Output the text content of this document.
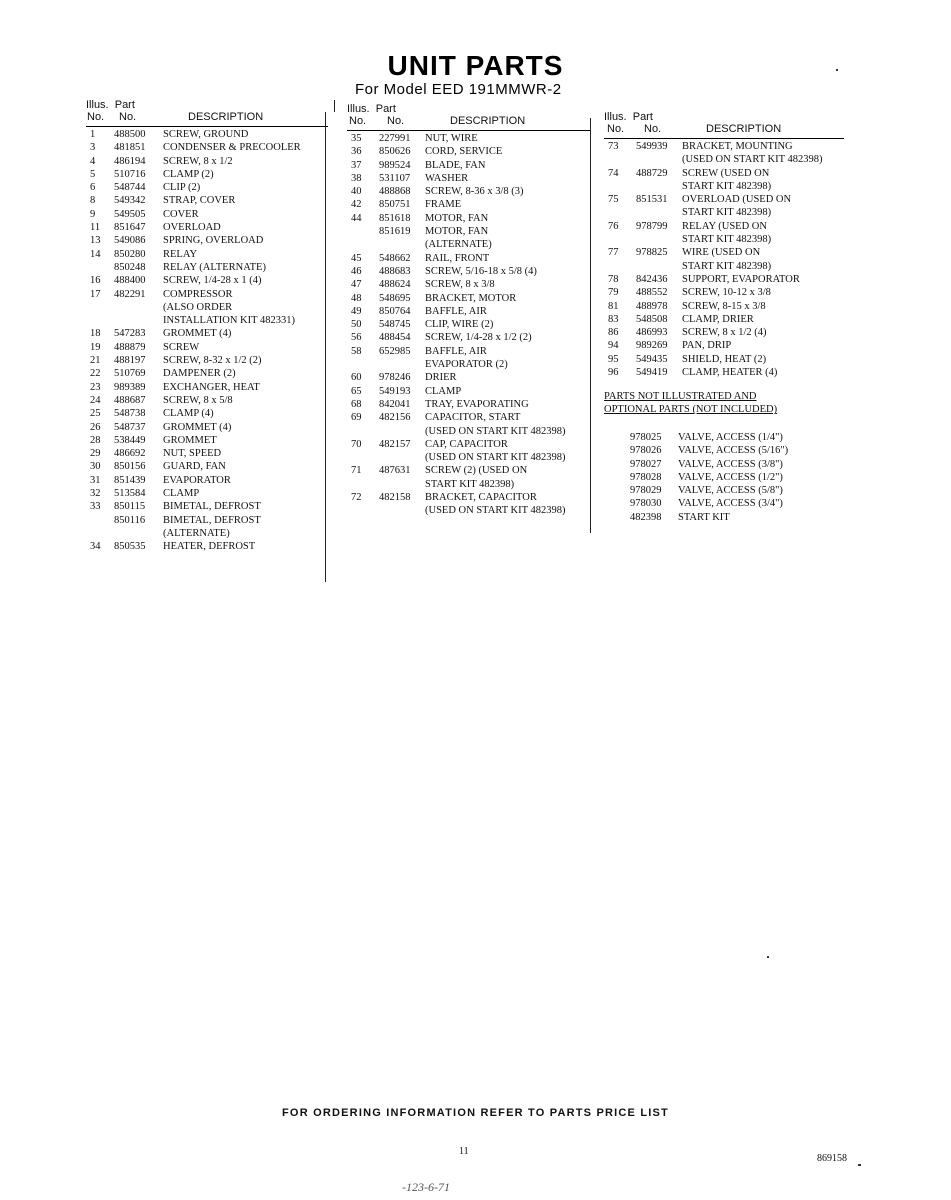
UNIT PARTS
For Model EED 191MMWR-2
Illus.  Part
No. No.	DESCRIPTION
1 488500 SCREW, GROUND
3 481851 CONDENSER & PRECOOLER
4 486194 SCREW, 8 x 1/2
5 510716 CLAMP (2)
6 548744 CLIP (2)
8 549342 STRAP, COVER
9 549505 COVER
11 851647 OVERLOAD
13 549086 SPRING, OVERLOAD
14 850280 RELAY
850248 RELAY (ALTERNATE)
16 488400 SCREW, 1/4-28 x 1 (4)
17 482291 COMPRESSOR
(ALSO ORDER
INSTALLATION KIT 482331)
18 547283 GROMMET (4)
19 488879 SCREW
21 488197 SCREW, 8-32 x 1/2 (2)
22 510769 DAMPENER (2)
23 989389 EXCHANGER, HEAT
24 488687 SCREW, 8 x 5/8
25 548738 CLAMP (4)
26 548737 GROMMET (4)
28 538449 GROMMET
29 486692 NUT, SPEED
30 850156 GUARD, FAN
31 851439 EVAPORATOR
32 513584 CLAMP
33 850115 BIMETAL, DEFROST
850116 BIMETAL, DEFROST
(ALTERNATE)
34 850535 HEATER, DEFROST
Illus.  Part
No. No.	DESCRIPTION
35 227991 NUT, WIRE
36 850626 CORD, SERVICE
37 989524 BLADE, FAN
38 531107 WASHER
40 488868 SCREW, 8-36 x 3/8 (3)
42 850751 FRAME
44 851618 MOTOR, FAN
851619 MOTOR, FAN
(ALTERNATE)
45 548662 RAIL, FRONT
46 488683 SCREW, 5/16-18 x 5/8 (4)
47 488624 SCREW, 8 x 3/8
48 548695 BRACKET, MOTOR
49 850764 BAFFLE, AIR
50 548745 CLIP, WIRE (2)
56 488454 SCREW, 1/4-28 x 1/2 (2)
58 652985 BAFFLE, AIR
EVAPORATOR (2)
60 978246 DRIER
65 549193 CLAMP
68 842041 TRAY, EVAPORATING
69 482156 CAPACITOR, START
(USED ON START KIT 482398)
70 482157 CAP, CAPACITOR
(USED ON START KIT 482398)
71 487631 SCREW (2) (USED ON
START KIT 482398)
72 482158 BRACKET, CAPACITOR
(USED ON START KIT 482398)
Illus.  Part
No. No.	DESCRIPTION
73 549939 BRACKET, MOUNTING
(USED ON START KIT 482398)
74 488729 SCREW (USED ON
START KIT 482398)
75 851531 OVERLOAD (USED ON
START KIT 482398)
76 978799 RELAY (USED ON
START KIT 482398)
77 978825 WIRE (USED ON
START KIT 482398)
78 842436 SUPPORT, EVAPORATOR
79 488552 SCREW, 10-12 x 3/8
81 488978 SCREW, 8-15 x 3/8
83 548508 CLAMP, DRIER
86 486993 SCREW, 8 x 1/2 (4)
94 989269 PAN, DRIP
95 549435 SHIELD, HEAT (2)
96 549419 CLAMP, HEATER (4)
PARTS NOT ILLUSTRATED AND
OPTIONAL PARTS (NOT INCLUDED)
978025 VALVE, ACCESS (1/4")
978026 VALVE, ACCESS (5/16")
978027 VALVE, ACCESS (3/8")
978028 VALVE, ACCESS (1/2")
978029 VALVE, ACCESS (5/8")
978030 VALVE, ACCESS (3/4")
482398 START KIT
FOR ORDERING INFORMATION REFER TO PARTS PRICE LIST
11
869158
-123-6-71
